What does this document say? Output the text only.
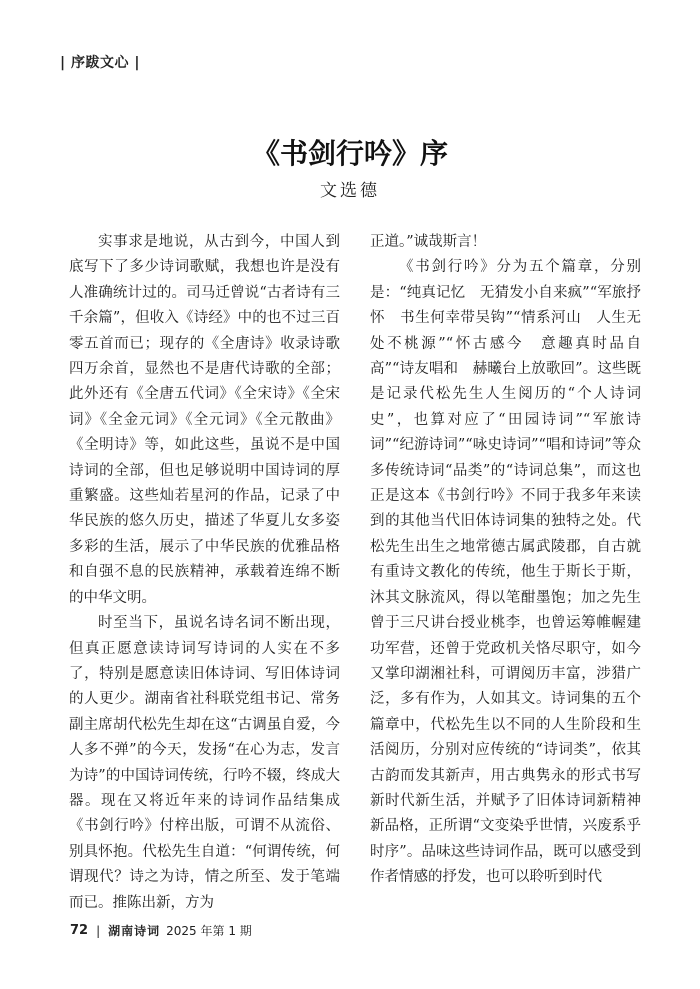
| 序跋文心 |
《书剑行吟》序
文选德

实事求是地说，从古到今，中国人到底写下了多少诗词歌赋，我想也许是没有人准确统计过的。司马迁曾说“古者诗有三千余篇”，但收入《诗经》中的也不过三百零五首而已；现存的《全唐诗》收录诗歌四万余首，显然也不是唐代诗歌的全部；此外还有《全唐五代词》《全宋诗》《全宋词》《全金元词》《全元词》《全元散曲》《全明诗》等，如此这些，虽说不是中国诗词的全部，但也足够说明中国诗词的厚重繁盛。这些灿若星河的作品，记录了中华民族的悠久历史，描述了华夏儿女多姿多彩的生活，展示了中华民族的优雅品格和自强不息的民族精神，承载着连绵不断的中华文明。

时至当下，虽说名诗名词不断出现，但真正愿意读诗词写诗词的人实在不多了，特别是愿意读旧体诗词、写旧体诗词的人更少。湖南省社科联党组书记、常务副主席胡代松先生却在这“古调虽自爱，今人多不弹”的今天，发扬“在心为志，发言为诗”的中国诗词传统，行吟不辍，终成大器。现在又将近年来的诗词作品结集成《书剑行吟》付梓出版，可谓不从流俗、别具怀抱。代松先生自道：“何谓传统，何谓现代？诗之为诗，情之所至、发于笔端而已。推陈出新，方为

正道。”诚哉斯言！

《书剑行吟》分为五个篇章，分别是：“纯真记忆　无猜发小自来疯”“军旅抒怀　书生何幸带吴钩”“情系河山　人生无处不桃源”“怀古感今　意趣真时品自高”“诗友唱和　赫曦台上放歌回”。这些既是记录代松先生人生阅历的“个人诗词史”，也算对应了“田园诗词”“军旅诗词”“纪游诗词”“咏史诗词”“唱和诗词”等众多传统诗词“品类”的“诗词总集”，而这也正是这本《书剑行吟》不同于我多年来读到的其他当代旧体诗词集的独特之处。代松先生出生之地常德古属武陵郡，自古就有重诗文教化的传统，他生于斯长于斯，沐其文脉流风，得以笔酣墨饱；加之先生曾于三尺讲台授业桃李，也曾运筹帷幄建功军营，还曾于党政机关恪尽职守，如今又掌印湖湘社科，可谓阅历丰富，涉猎广泛，多有作为，人如其文。诗词集的五个篇章中，代松先生以不同的人生阶段和生活阅历，分别对应传统的“诗词类”，依其古韵而发其新声，用古典隽永的形式书写新时代新生活，并赋予了旧体诗词新精神新品格，正所谓“文变染乎世情，兴废系乎时序”。品味这些诗词作品，既可以感受到作者情感的抒发，也可以聆听到时代

72 | 湖南诗词 2025 年第 1 期
